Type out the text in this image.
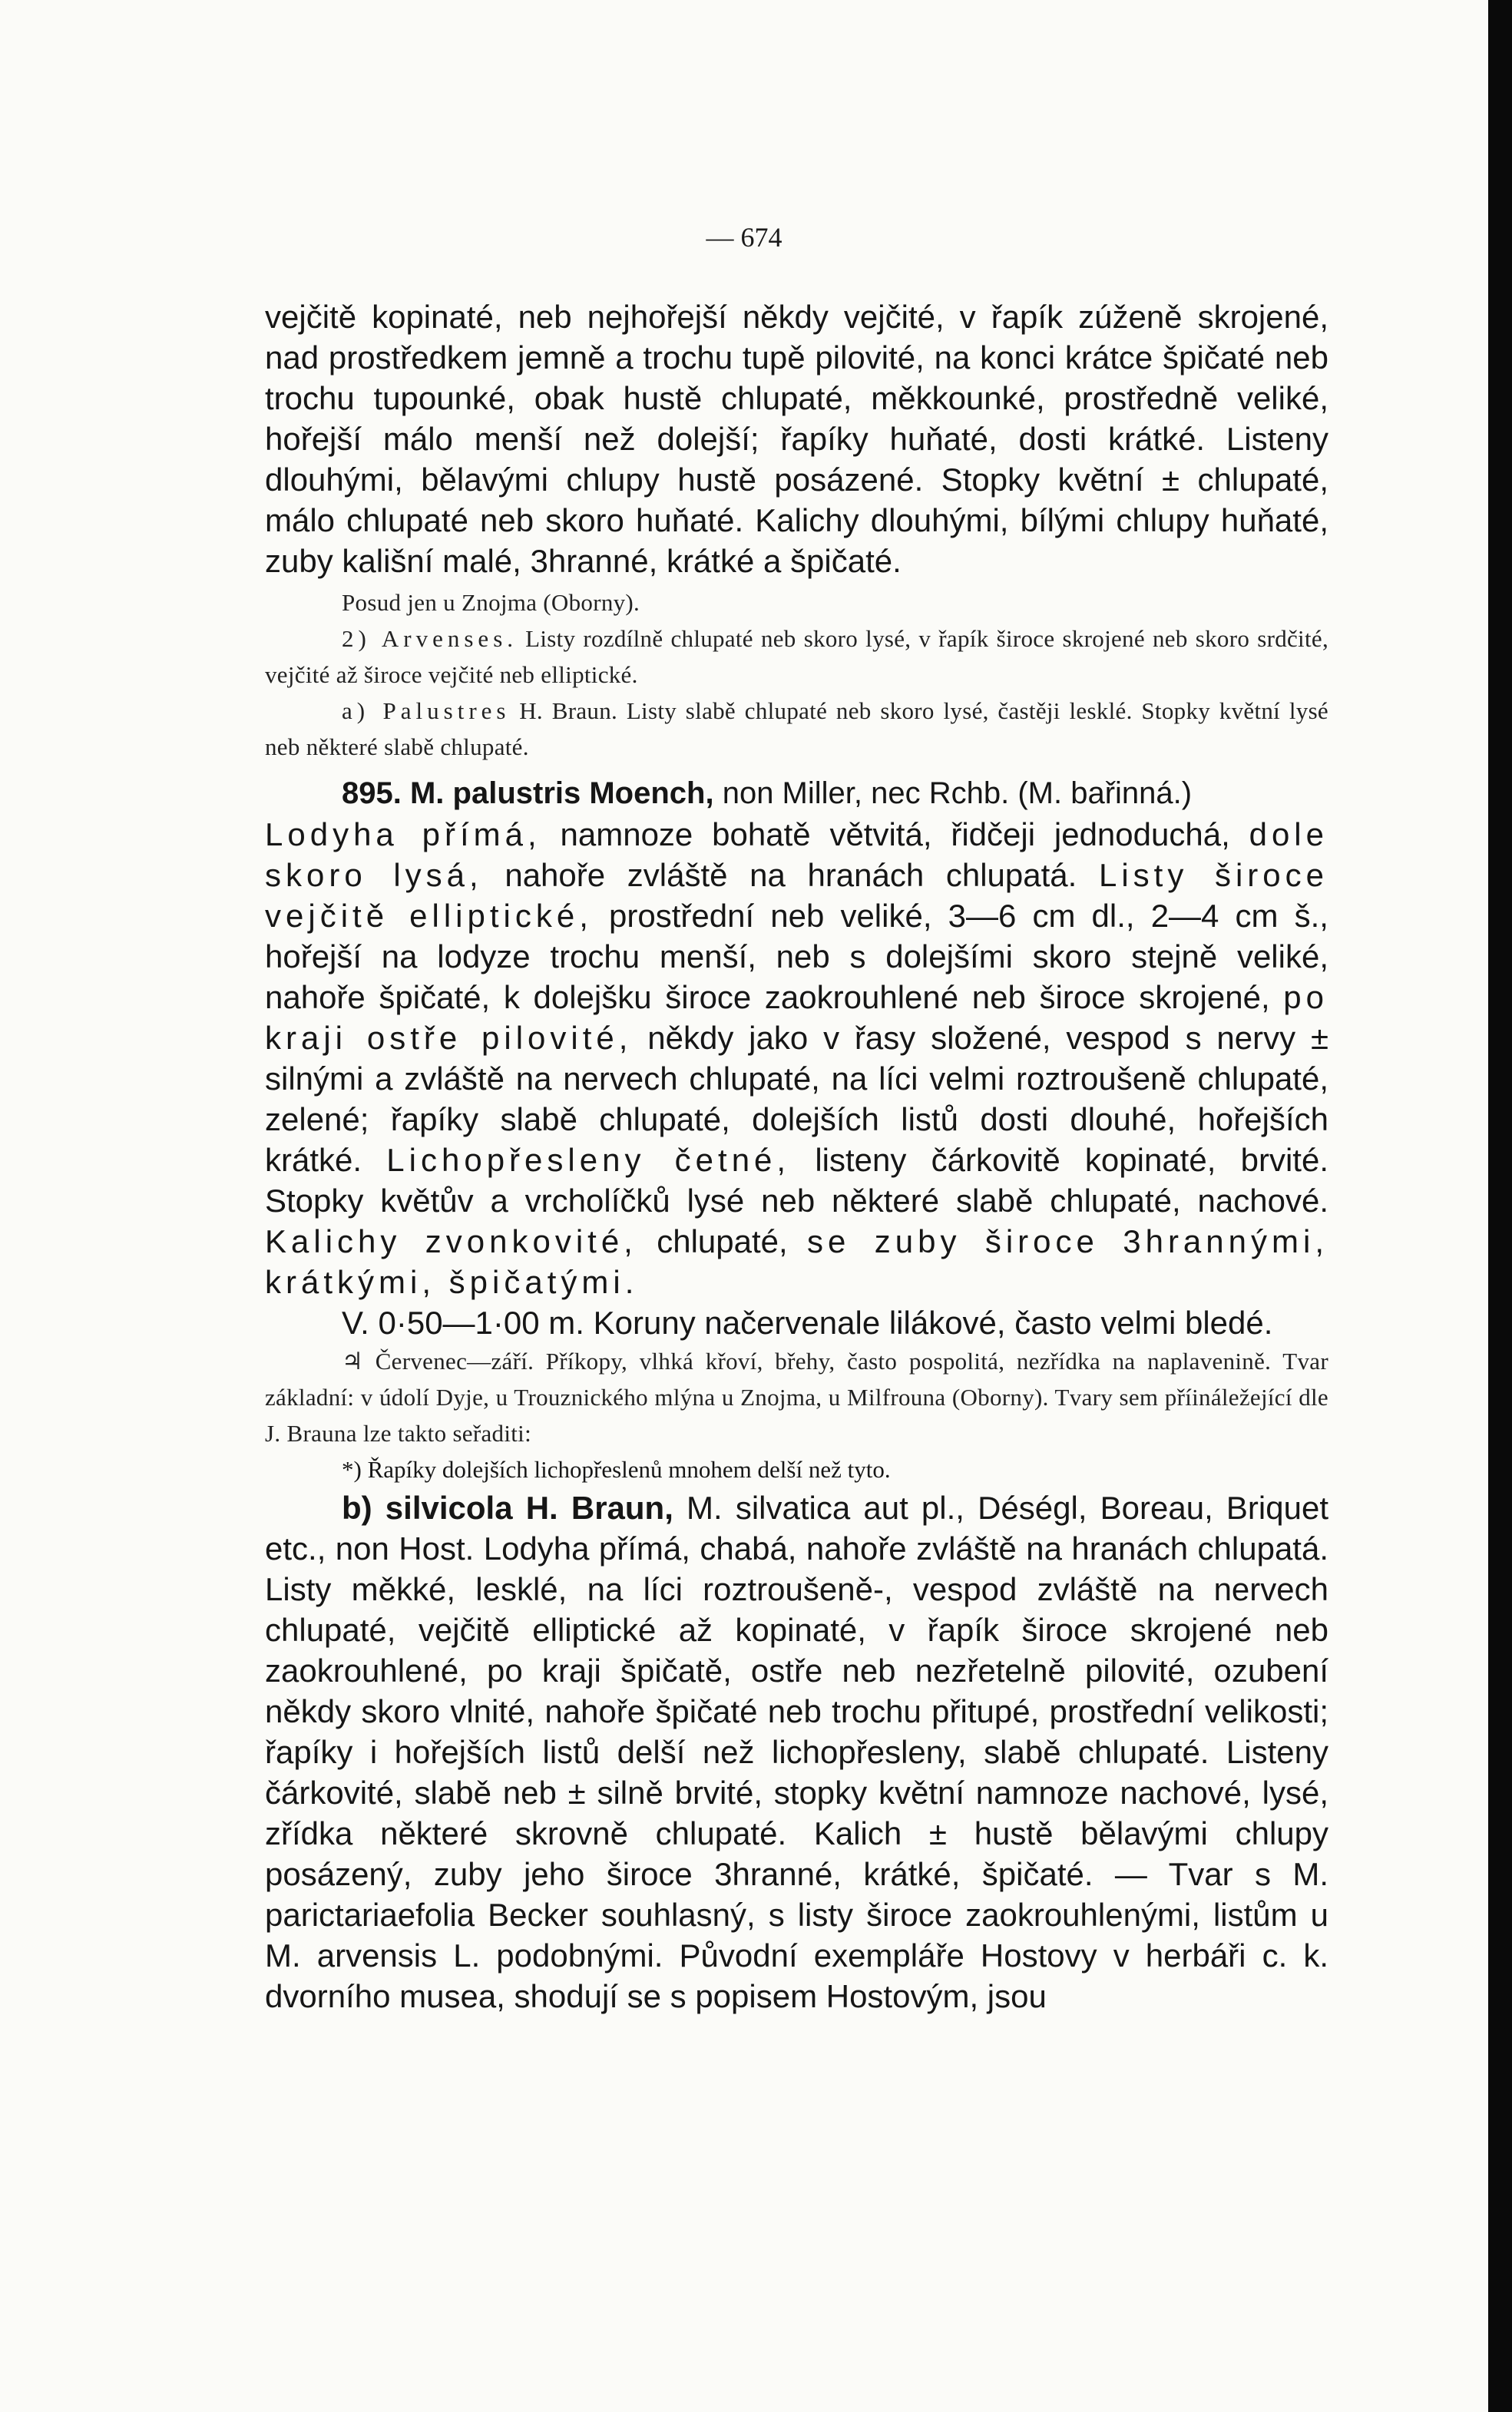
— 674

vejčitě kopinaté, neb nejhořejší někdy vejčité, v řapík zúženě skrojené, nad prostředkem jemně a trochu tupě pilovité, na konci krátce špičaté neb trochu tupounké, obak hustě chlupaté, měkkounké, prostředně veliké, hořejší málo menší než dolejší; řapíky huňaté, dosti krátké. Listeny dlouhými, bělavými chlupy hustě posázené. Stopky květní ± chlupaté, málo chlupaté neb skoro huňaté. Kalichy dlouhými, bílými chlupy huňaté, zuby kališní malé, 3hranné, krátké a špičaté.

Posud jen u Znojma (Oborny).

2) Arvenses. Listy rozdílně chlupaté neb skoro lysé, v řapík široce skrojené neb skoro srdčité, vejčité až široce vejčité neb elliptické.

a) Palustres H. Braun. Listy slabě chlupaté neb skoro lysé, častěji lesklé. Stopky květní lysé neb některé slabě chlupaté.

895. M. palustris Moench, non Miller, nec Rchb. (M. bařinná.)

Lodyha přímá, namnoze bohatě větvitá, řidčeji jednoduchá, dole skoro lysá, nahoře zvláště na hranách chlupatá. Listy široce vejčitě elliptické, prostřední neb veliké, 3—6 cm dl., 2—4 cm š., hořejší na lodyze trochu menší, neb s dolejšími skoro stejně veliké, nahoře špičaté, k dolejšku široce zaokrouhlené neb široce skrojené, po kraji ostře pilovité, někdy jako v řasy složené, vespod s nervy ± silnými a zvláště na nervech chlupaté, na líci velmi roztroušeně chlupaté, zelené; řapíky slabě chlupaté, dolejších listů dosti dlouhé, hořejších krátké. Lichopřesleny četné, listeny čárkovitě kopinaté, brvité. Stopky květův a vrcholíčků lysé neb některé slabě chlupaté, nachové. Kalichy zvonkovité, chlupaté, se zuby široce 3hrannými, krátkými, špičatými.

V. 0·50—1·00 m. Koruny načervenale lilákové, často velmi bledé.

♃ Červenec—září. Příkopy, vlhká křoví, břehy, často pospolitá, nezřídka na naplavenině. Tvar základní: v údolí Dyje, u Trouznického mlýna u Znojma, u Milfrouna (Oborny). Tvary sem příináležející dle J. Brauna lze takto seřaditi:

*) Řapíky dolejších lichopřeslenů mnohem delší než tyto.

b) silvicola H. Braun, M. silvatica aut pl., Déségl, Boreau, Briquet etc., non Host. Lodyha přímá, chabá, nahoře zvláště na hranách chlupatá. Listy měkké, lesklé, na líci roztroušeně-, vespod zvláště na nervech chlupaté, vejčitě elliptické až kopinaté, v řapík široce skrojené neb zaokrouhlené, po kraji špičatě, ostře neb nezřetelně pilovité, ozubení někdy skoro vlnité, nahoře špičaté neb trochu přitupé, prostřední velikosti; řapíky i hořejších listů delší než lichopřesleny, slabě chlupaté. Listeny čárkovité, slabě neb ± silně brvité, stopky květní namnoze nachové, lysé, zřídka některé skrovně chlupaté. Kalich ± hustě bělavými chlupy posázený, zuby jeho široce 3hranné, krátké, špičaté. — Tvar s M. parictariaefolia Becker souhlasný, s listy široce zaokrouhlenými, listům u M. arvensis L. podobnými. Původní exempláře Hostovy v herbáři c. k. dvorního musea, shodují se s popisem Hostovým, jsou
